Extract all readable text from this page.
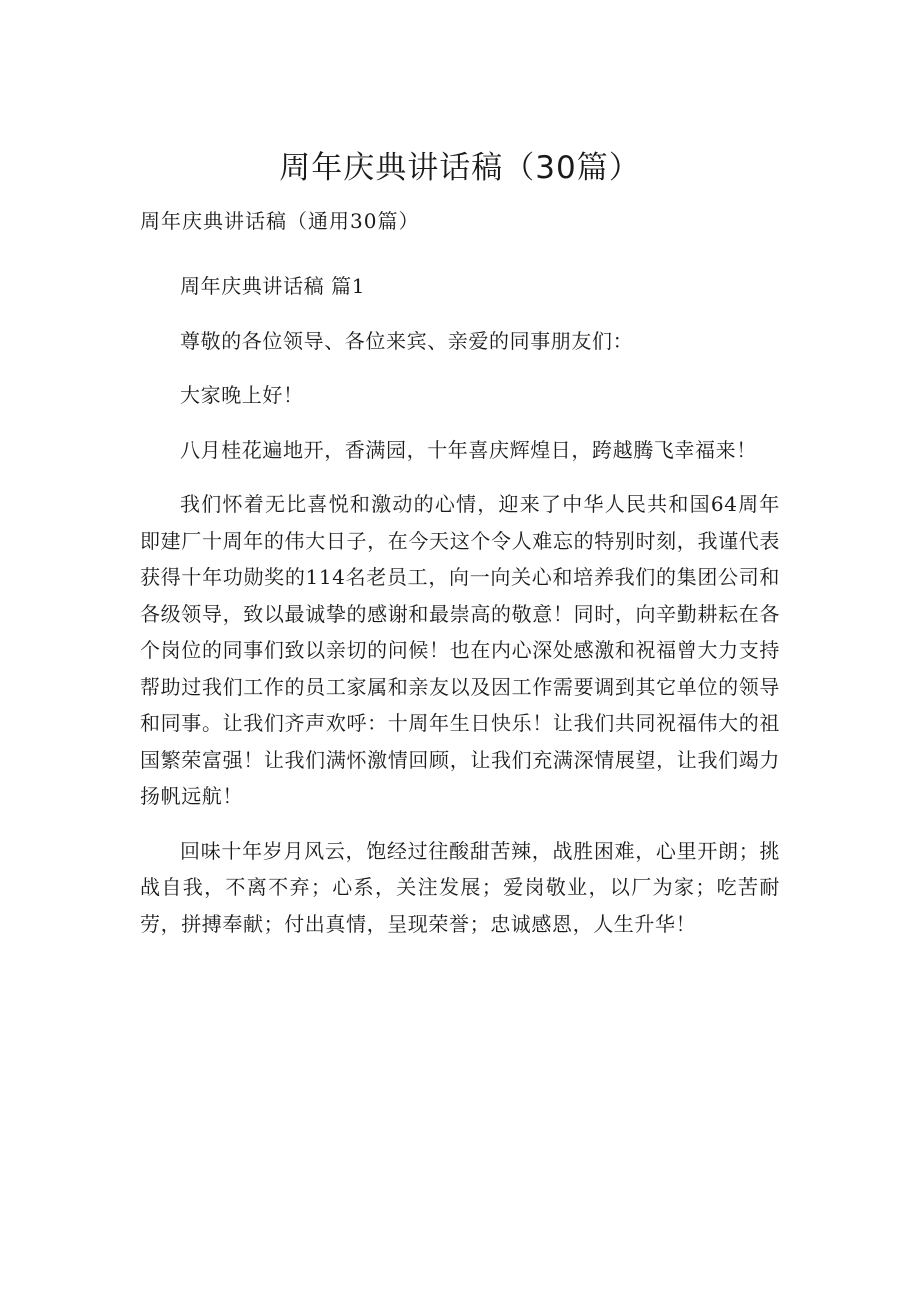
周年庆典讲话稿（30篇）
周年庆典讲话稿（通用30篇）

周年庆典讲话稿 篇1

尊敬的各位领导、各位来宾、亲爱的同事朋友们：

大家晚上好！

八月桂花遍地开，香满园，十年喜庆辉煌日，跨越腾飞幸福来！

我们怀着无比喜悦和激动的心情，迎来了中华人民共和国64周年即建厂十周年的伟大日子，在今天这个令人难忘的特别时刻，我谨代表获得十年功勋奖的114名老员工，向一向关心和培养我们的集团公司和各级领导，致以最诚挚的感谢和最崇高的敬意！同时，向辛勤耕耘在各个岗位的同事们致以亲切的问候！也在内心深处感激和祝福曾大力支持帮助过我们工作的员工家属和亲友以及因工作需要调到其它单位的领导和同事。让我们齐声欢呼：十周年生日快乐！让我们共同祝福伟大的祖国繁荣富强！让我们满怀激情回顾，让我们充满深情展望，让我们竭力扬帆远航！

回味十年岁月风云，饱经过往酸甜苦辣，战胜困难，心里开朗；挑战自我，不离不弃；心系，关注发展；爱岗敬业，以厂为家；吃苦耐劳，拼搏奉献；付出真情，呈现荣誉；忠诚感恩，人生升华！
